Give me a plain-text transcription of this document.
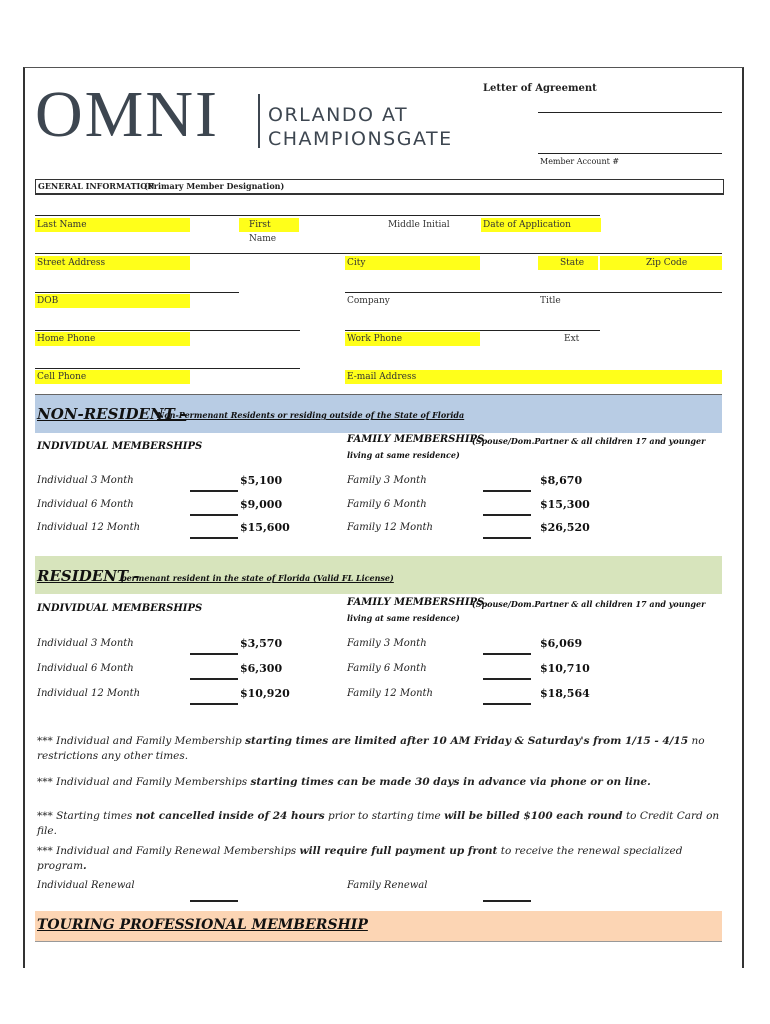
OMNI	ORLANDO AT
CHAMPIONSGATE
Letter of Agreement
Member Account #
GENERAL INFORMATION
(Primary Member Designation)
Last Name	First Name
Middle Initial	Date of Application
Street Address	City	State	Zip Code
DOB	Company	Title
Home Phone	Work Phone	Ext
Cell Phone	E-mail Address
NON-RESIDENT -
Non-Permenant Residents or residing outside of the State of Florida
INDIVIDUAL MEMBERSHIPS
FAMILY MEMBERSHIPS
(Spouse/Dom.Partner & all children 17 and younger living at same residence)
Individual 3 Month	$5,100	Family 3 Month	$8,670
Individual 6 Month	$9,000	Family 6 Month	$15,300
Individual 12 Month	$15,600	Family 12 Month	$26,520
RESIDENT -
permenant resident in the state of Florida (Valid FL License)
INDIVIDUAL MEMBERSHIPS
FAMILY MEMBERSHIPS
(Spouse/Dom.Partner & all children 17 and younger living at same residence)
Individual 3 Month	$3,570	Family 3 Month	$6,069
Individual 6 Month	$6,300	Family 6 Month	$10,710
Individual 12 Month	$10,920	Family 12 Month	$18,564
*** Individual and Family Membership starting times are limited after 10 AM Friday & Saturday's from 1/15 - 4/15 no restrictions any other times.
*** Individual and Family Memberships starting times can be made 30 days in advance via phone or on line.
*** Starting times not cancelled inside of 24 hours prior to starting time will be billed $100 each round to Credit Card on file.
*** Individual and Family Renewal Memberships will require full payment up front to receive the renewal specialized program.
Individual Renewal	Family Renewal
TOURING PROFESSIONAL MEMBERSHIP
